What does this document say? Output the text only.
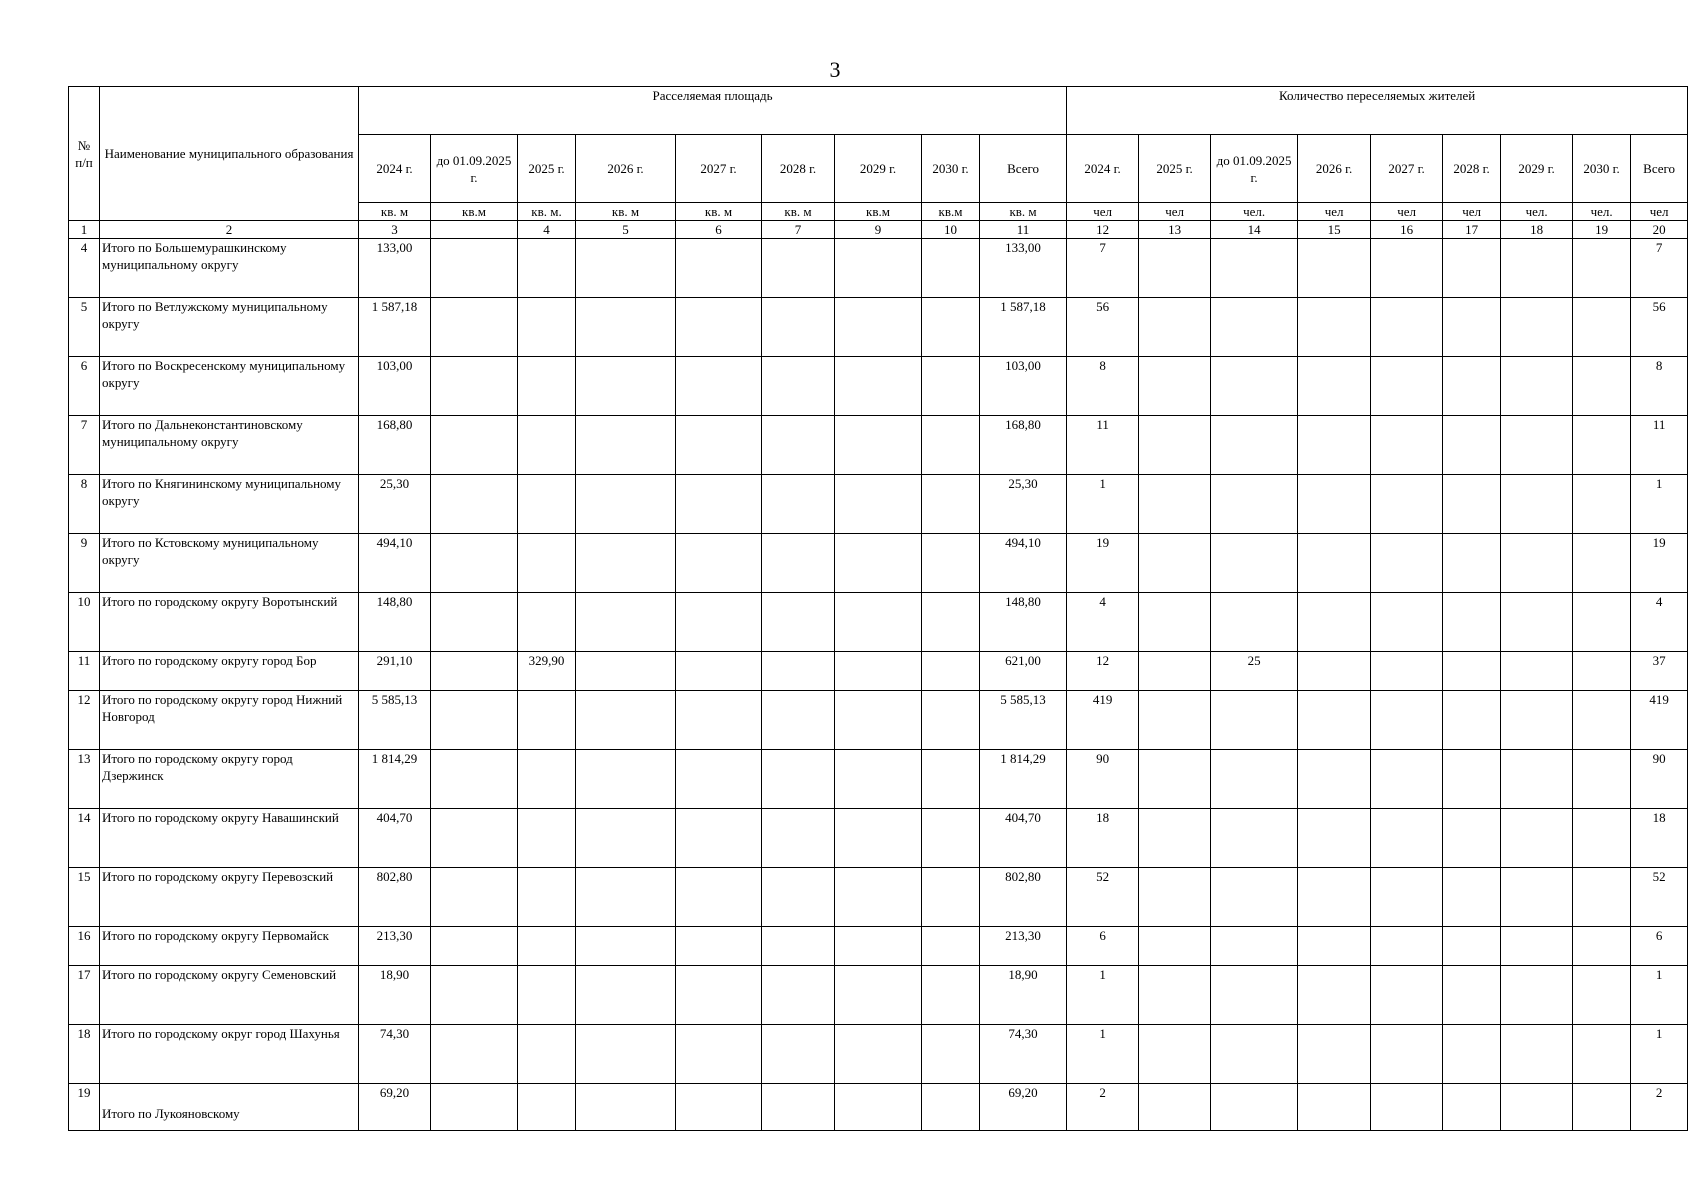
3
№ п/п	Наименование муниципального образования	Расселяемая площадь									Количество переселяемых жителей								
		2024 г.	до 01.09.2025 г.	2025 г.	2026 г.	2027 г.	2028 г.	2029 г.	2030 г.	Всего	2024 г.	2025 г.	до 01.09.2025 г.	2026 г.	2027 г.	2028 г.	2029 г.	2030 г.	Всего
		кв. м	кв.м	кв. м.	кв. м	кв. м	кв. м	кв.м	кв.м	кв. м	чел	чел	чел.	чел	чел	чел	чел.	чел.	чел
1	2	3		4	5	6	7	9	10	11	12	13	14	15	16	17	18	19	20
4	Итого по Большемурашкинскому муниципальному округу	133,00								133,00	7								7
5	Итого по Ветлужскому муниципальному округу	1 587,18								1 587,18	56								56
6	Итого по Воскресенскому муниципальному округу	103,00								103,00	8								8
7	Итого по Дальнеконстантиновскому муниципальному округу	168,80								168,80	11								11
8	Итого по Княгининскому муниципальному округу	25,30								25,30	1								1
9	Итого по Кстовскому муниципальному округу	494,10								494,10	19								19
10	Итого по городскому округу Воротынский	148,80								148,80	4								4
11	Итого по городскому округу город Бор	291,10		329,90						621,00	12		25						37
12	Итого по городскому округу город Нижний Новгород	5 585,13								5 585,13	419								419
13	Итого по городскому округу город Дзержинск	1 814,29								1 814,29	90								90
14	Итого по городскому округу Навашинский	404,70								404,70	18								18
15	Итого по городскому округу Перевозский	802,80								802,80	52								52
16	Итого по городскому округу Первомайск	213,30								213,30	6								6
17	Итого по городскому округу Семеновский	18,90								18,90	1								1
18	Итого по городскому округ город Шахунья	74,30								74,30	1								1
19	Итого по Лукояновскому	69,20								69,20	2								2
